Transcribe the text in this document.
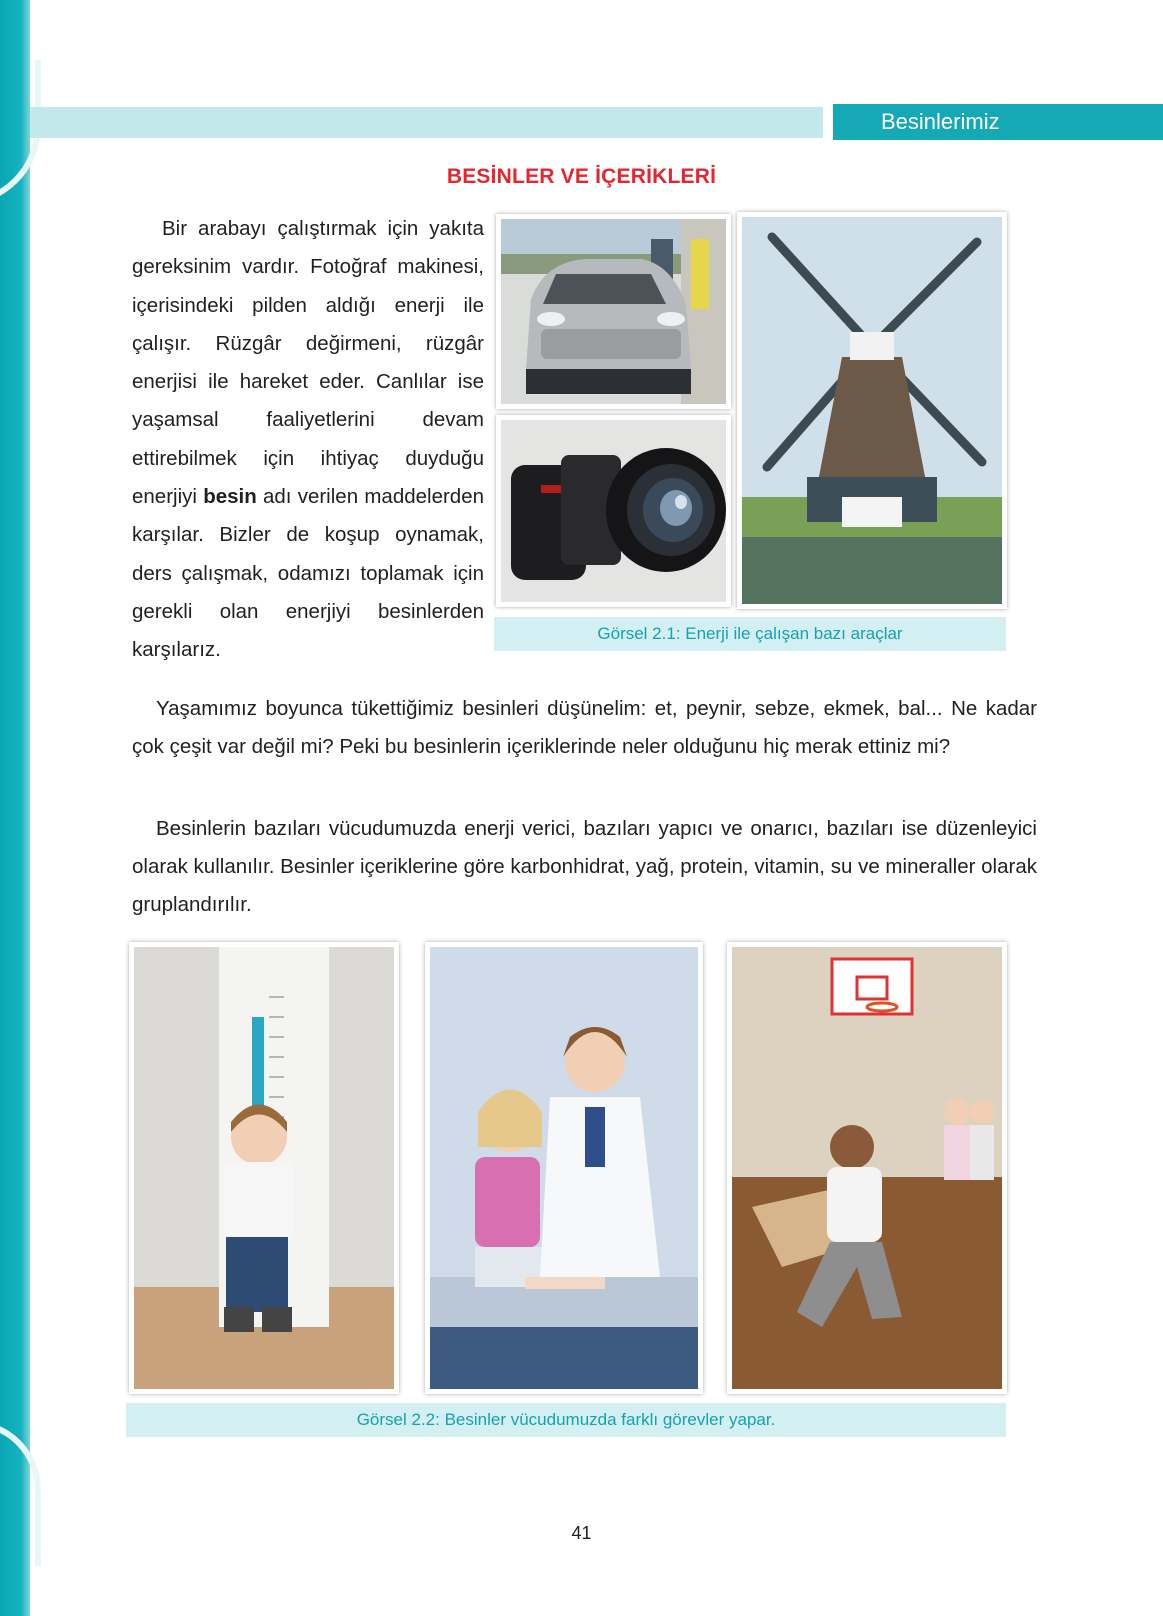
Besinlerimiz
BESİNLER VE İÇERİKLERİ

Bir arabayı çalıştırmak için yakıta gereksinim vardır. Fotoğraf makinesi, içerisindeki pilden aldığı enerji ile çalışır. Rüzgâr değirmeni, rüzgâr enerjisi ile hareket eder. Canlılar ise yaşamsal faaliyetlerini devam ettirebilmek için ihtiyaç duyduğu enerjiyi besin adı verilen maddelerden karşılar. Bizler de koşup oynamak, ders çalışmak, odamızı toplamak için gerekli olan enerjiyi besinlerden karşılarız.

Görsel 2.1: Enerji ile çalışan bazı araçlar

Yaşamımız boyunca tükettiğimiz besinleri düşünelim: et, peynir, sebze, ekmek, bal... Ne kadar çok çeşit var değil mi? Peki bu besinlerin içeriklerinde neler olduğunu hiç merak ettiniz mi?

Besinlerin bazıları vücudumuzda enerji verici, bazıları yapıcı ve onarıcı, bazıları ise düzenleyici olarak kullanılır. Besinler içeriklerine göre karbonhidrat, yağ, protein, vitamin, su ve mineraller olarak gruplandırılır.

Görsel 2.2: Besinler vücudumuzda farklı görevler yapar.
41
